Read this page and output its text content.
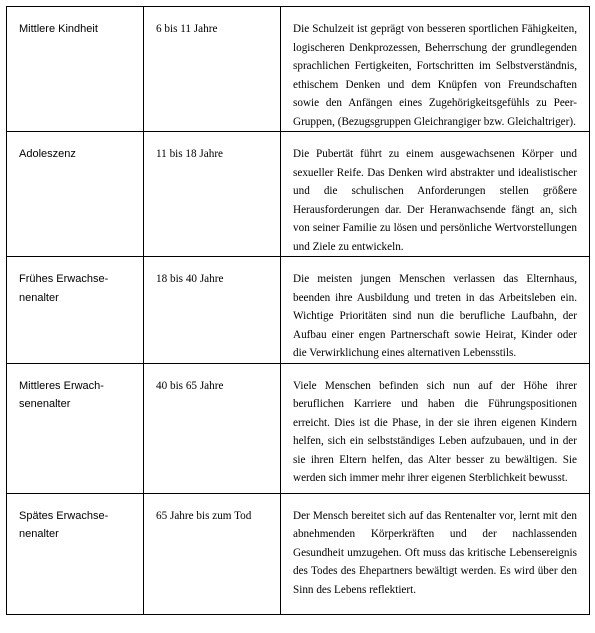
Mittlere Kindheit	6 bis 11 Jahre	Die Schulzeit ist geprägt von besseren sportlichen Fähigkeiten, logischeren Denkprozessen, Beherrschung der grundlegenden sprachlichen Fertigkeiten, Fortschritten im Selbstverständnis, ethischem Denken und dem Knüpfen von Freundschaften sowie den Anfängen eines Zugehörigkeitsgefühls zu Peer-Gruppen, (Bezugsgruppen Gleichrangiger bzw. Gleichaltriger).

Adoleszenz	11 bis 18 Jahre	Die Pubertät führt zu einem ausgewachsenen Körper und sexueller Reife. Das Denken wird abstrakter und idealistischer und die schulischen Anforderungen stellen größere Herausforderungen dar. Der Heranwachsende fängt an, sich von seiner Familie zu lösen und persönliche Wertvorstellungen und Ziele zu entwickeln.

Frühes Erwachse-nenalter	18 bis 40 Jahre	Die meisten jungen Menschen verlassen das Elternhaus, beenden ihre Ausbildung und treten in das Arbeitsleben ein. Wichtige Prioritäten sind nun die berufliche Laufbahn, der Aufbau einer engen Partnerschaft sowie Heirat, Kinder oder die Verwirklichung eines alternativen Lebensstils.

Mittleres Erwach-senenalter	40 bis 65 Jahre	Viele Menschen befinden sich nun auf der Höhe ihrer beruflichen Karriere und haben die Führungspositionen erreicht. Dies ist die Phase, in der sie ihren eigenen Kindern helfen, sich ein selbstständiges Leben aufzubauen, und in der sie ihren Eltern helfen, das Alter besser zu bewältigen. Sie werden sich immer mehr ihrer eigenen Sterblichkeit bewusst.

Spätes Erwachse-nenalter	65 Jahre bis zum Tod	Der Mensch bereitet sich auf das Rentenalter vor, lernt mit den abnehmenden Körperkräften und der nachlassenden Gesundheit umzugehen. Oft muss das kritische Lebensereignis des Todes des Ehepartners bewältigt werden. Es wird über den Sinn des Lebens reflektiert.
